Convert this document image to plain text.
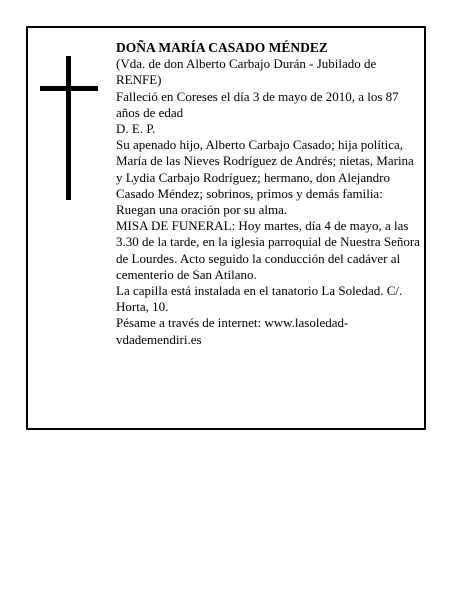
DOÑA MARÍA CASADO MÉNDEZ

(Vda. de don Alberto Carbajo Durán - Jubilado de RENFE)

Falleció en Coreses el día 3 de mayo de 2010, a los 87 años de edad

D. E. P.

Su apenado hijo, Alberto Carbajo Casado; hija política, María de las Nieves Rodríguez de Andrés; nietas, Marina y Lydia Carbajo Rodríguez; hermano, don Alejandro Casado Méndez; sobrinos, primos y demás familia:

Ruegan una oración por su alma.

MISA DE FUNERAL: Hoy martes, día 4 de mayo, a las 3.30 de la tarde, en la iglesia parroquial de Nuestra Señora de Lourdes. Acto seguido la conducción del cadáver al cementerio de San Atilano.

La capilla está instalada en el tanatorio La Soledad. C/. Horta, 10.

Pésame a través de internet: www.lasoledad-vdademendiri.es
